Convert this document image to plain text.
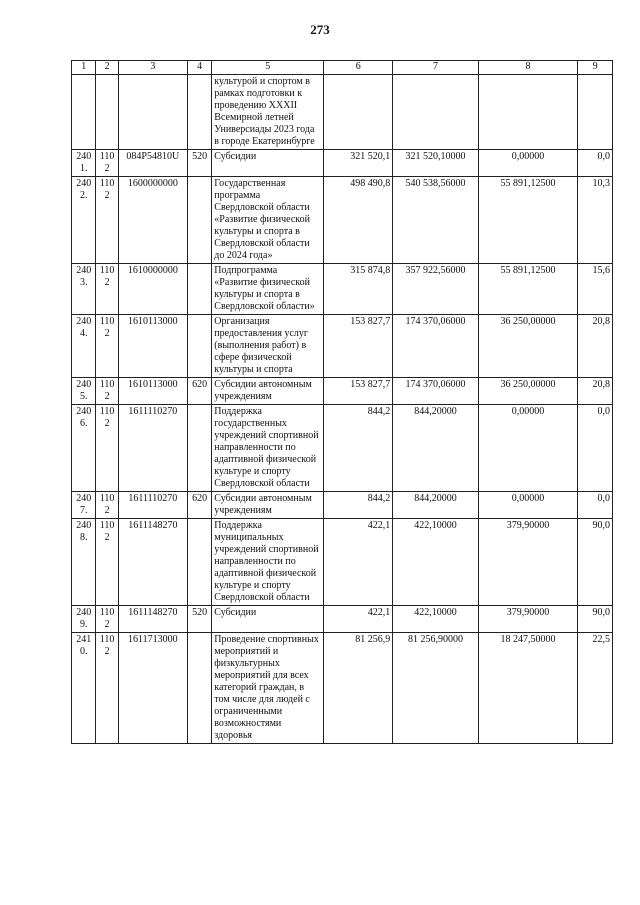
273
1	2	3	4	5	6	7	8	9
				культурой и спортом в рамках подготовки к проведению XXXII Всемирной летней Универсиады 2023 года в городе Екатеринбурге				
2401.	1102	084P54810U	520	Субсидии	321 520,1	321 520,10000	0,00000	0,0
2402.	1102	1600000000		Государственная программа Свердловской области «Развитие физической культуры и спорта в Свердловской области до 2024 года»	498 490,8	540 538,56000	55 891,12500	10,3
2403.	1102	1610000000		Подпрограмма «Развитие физической культуры и спорта в Свердловской области»	315 874,8	357 922,56000	55 891,12500	15,6
2404.	1102	1610113000		Организация предоставления услуг (выполнения работ) в сфере физической культуры и спорта	153 827,7	174 370,06000	36 250,00000	20,8
2405.	1102	1610113000	620	Субсидии автономным учреждениям	153 827,7	174 370,06000	36 250,00000	20,8
2406.	1102	1611110270		Поддержка государственных учреждений спортивной направленности по адаптивной физической культуре и спорту Свердловской области	844,2	844,20000	0,00000	0,0
2407.	1102	1611110270	620	Субсидии автономным учреждениям	844,2	844,20000	0,00000	0,0
2408.	1102	1611148270		Поддержка муниципальных учреждений спортивной направленности по адаптивной физической культуре и спорту Свердловской области	422,1	422,10000	379,90000	90,0
2409.	1102	1611148270	520	Субсидии	422,1	422,10000	379,90000	90,0
2410.	1102	1611713000		Проведение спортивных мероприятий и физкультурных мероприятий для всех категорий граждан, в том числе для людей с ограниченными возможностями здоровья	81 256,9	81 256,90000	18 247,50000	22,5
